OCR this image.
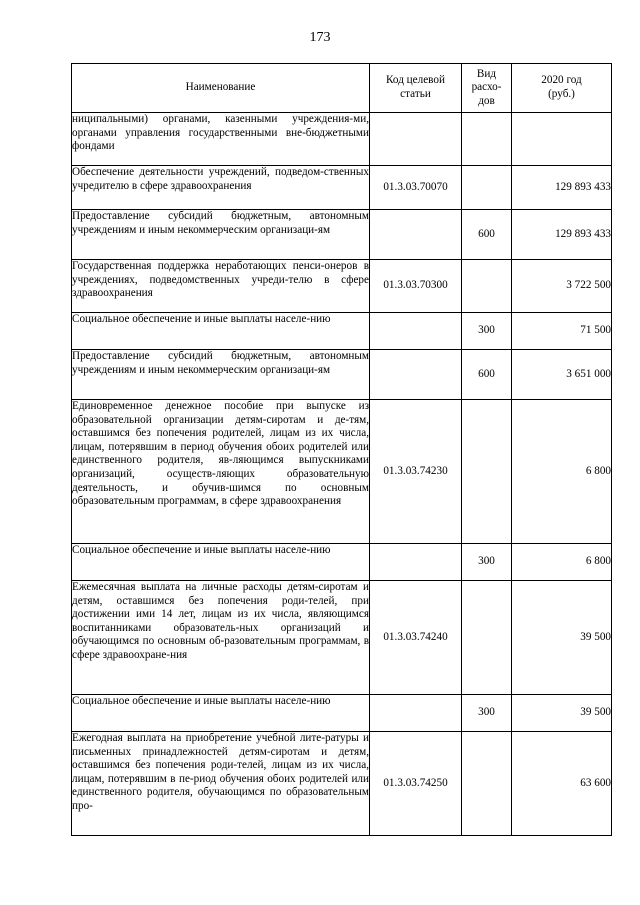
173
Наименование	Код целевой статьи	Вид расхо-дов	2020 год (руб.)
ниципальными) органами, казенными учреждения-ми, органами управления государственными вне-бюджетными фондами			
Обеспечение деятельности учреждений, подведом-ственных учредителю в сфере здравоохранения	01.3.03.70070		129 893 433
Предоставление субсидий бюджетным, автономным учреждениям и иным некоммерческим организаци-ям		600	129 893 433
Государственная поддержка неработающих пенси-онеров в учреждениях, подведомственных учреди-телю в сфере здравоохранения	01.3.03.70300		3 722 500
Социальное обеспечение и иные выплаты населе-нию		300	71 500
Предоставление субсидий бюджетным, автономным учреждениям и иным некоммерческим организаци-ям		600	3 651 000
Единовременное денежное пособие при выпуске из образовательной организации детям-сиротам и де-тям, оставшимся без попечения родителей, лицам из их числа, лицам, потерявшим в период обучения обоих родителей или единственного родителя, яв-ляющимся выпускниками организаций, осуществ-ляющих образовательную деятельность, и обучив-шимся по основным образовательным программам, в сфере здравоохранения	01.3.03.74230		6 800
Социальное обеспечение и иные выплаты населе-нию		300	6 800
Ежемесячная выплата на личные расходы детям-сиротам и детям, оставшимся без попечения роди-телей, при достижении ими 14 лет, лицам из их числа, являющимся воспитанниками образователь-ных организаций и обучающимся по основным об-разовательным программам, в сфере здравоохране-ния	01.3.03.74240		39 500
Социальное обеспечение и иные выплаты населе-нию		300	39 500
Ежегодная выплата на приобретение учебной лите-ратуры и письменных принадлежностей детям-сиротам и детям, оставшимся без попечения роди-телей, лицам из их числа, лицам, потерявшим в пе-риод обучения обоих родителей или единственного родителя, обучающимся по образовательным про-	01.3.03.74250		63 600
